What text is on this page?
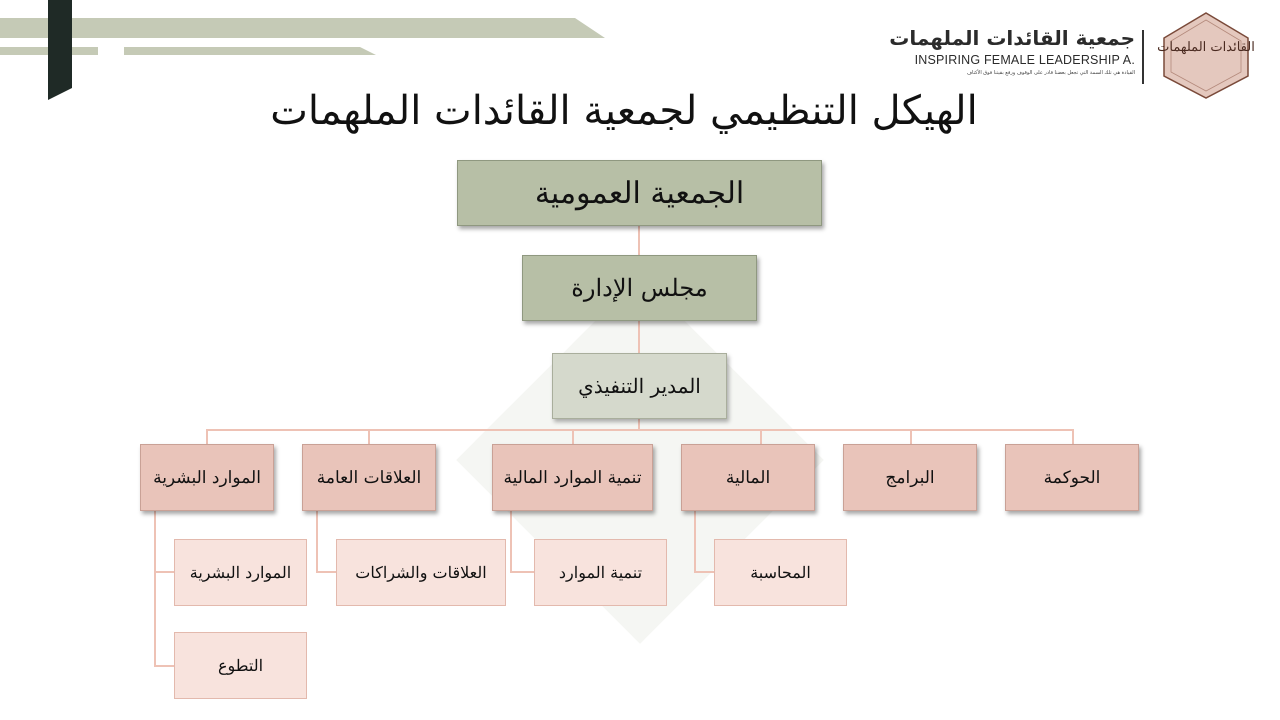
جمعية القائدات الملهمات
INSPIRING FEMALE LEADERSHIP A.
القيادة هي تلك السمة التي تجعل بعضنا قادر على الوقوف ورفع بقيتنا فوق الأكتاف
القائدات الملهمات
الهيكل التنظيمي لجمعية القائدات الملهمات
الجمعية العمومية
مجلس الإدارة
المدير التنفيذي
الموارد البشرية	العلاقات العامة	تنمية الموارد المالية	المالية	البرامج	الحوكمة
الموارد البشرية
التطوع
العلاقات والشراكات	تنمية الموارد	المحاسبة
